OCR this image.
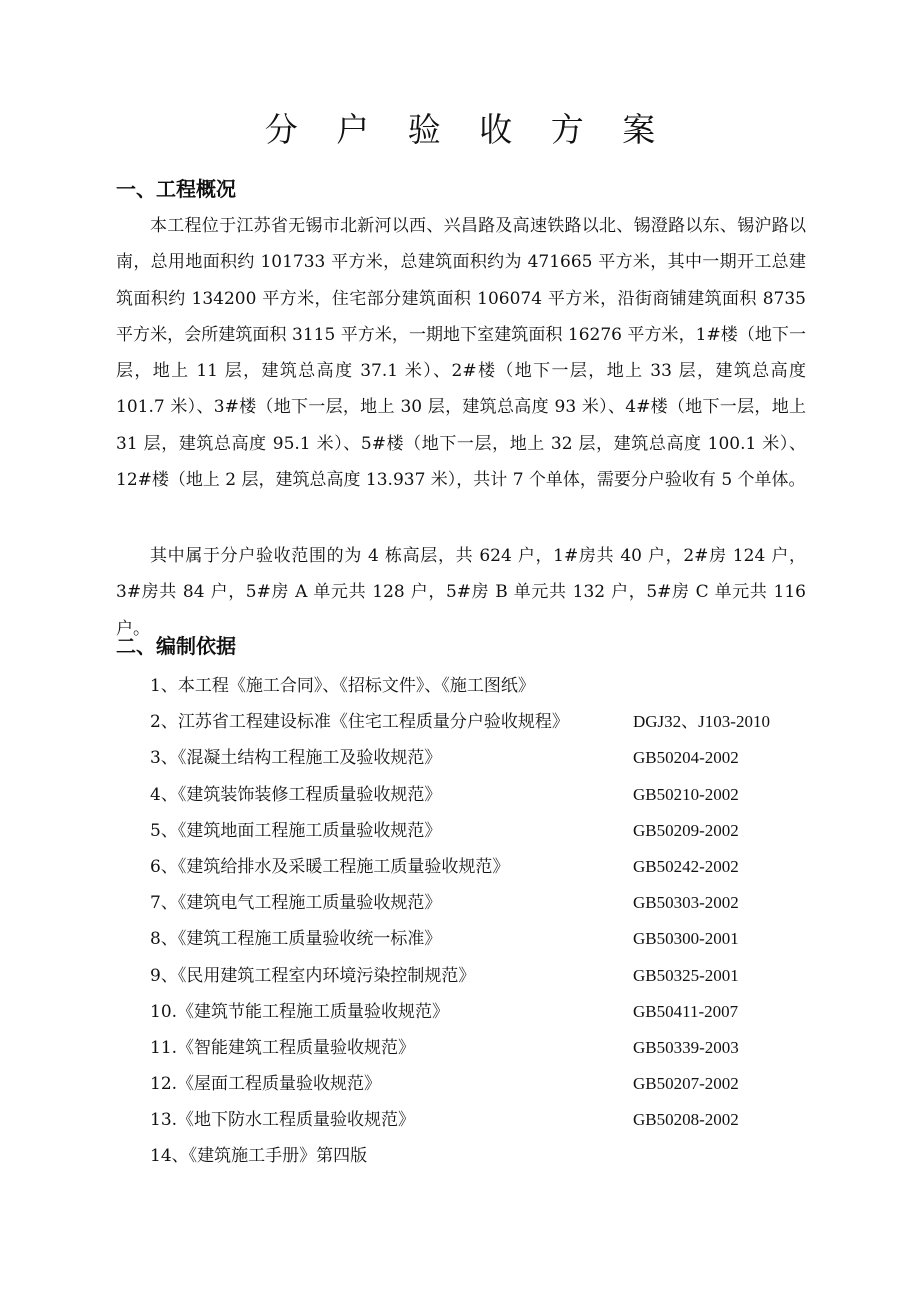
分 户 验 收 方 案
一、工程概况

本工程位于江苏省无锡市北新河以西、兴昌路及高速铁路以北、锡澄路以东、锡沪路以南，总用地面积约 101733 平方米，总建筑面积约为 471665 平方米，其中一期开工总建筑面积约 134200 平方米，住宅部分建筑面积 106074 平方米，沿街商铺建筑面积 8735 平方米，会所建筑面积 3115 平方米，一期地下室建筑面积 16276 平方米，1#楼（地下一层，地上 11 层，建筑总高度 37.1 米）、2#楼（地下一层，地上 33 层，建筑总高度 101.7 米）、3#楼（地下一层，地上 30 层，建筑总高度 93 米）、4#楼（地下一层，地上 31 层，建筑总高度 95.1 米）、5#楼（地下一层，地上 32 层，建筑总高度 100.1 米）、12#楼（地上 2 层，建筑总高度 13.937 米），共计 7 个单体，需要分户验收有 5 个单体。

其中属于分户验收范围的为 4 栋高层，共 624 户，1#房共 40 户，2#房 124 户，3#房共 84 户，5#房 A 单元共 128 户，5#房 B 单元共 132 户，5#房 C 单元共 116 户。

二、编制依据
1、本工程《施工合同》、《招标文件》、《施工图纸》
2、江苏省工程建设标准《住宅工程质量分户验收规程》	DGJ32、J103-2010
3、《混凝土结构工程施工及验收规范》	GB50204-2002
4、《建筑装饰装修工程质量验收规范》	GB50210-2002
5、《建筑地面工程施工质量验收规范》	GB50209-2002
6、《建筑给排水及采暖工程施工质量验收规范》	GB50242-2002
7、《建筑电气工程施工质量验收规范》	GB50303-2002
8、《建筑工程施工质量验收统一标准》	GB50300-2001
9、《民用建筑工程室内环境污染控制规范》	GB50325-2001
10.《建筑节能工程施工质量验收规范》	GB50411-2007
11.《智能建筑工程质量验收规范》	GB50339-2003
12.《屋面工程质量验收规范》	GB50207-2002
13.《地下防水工程质量验收规范》	GB50208-2002
14、《建筑施工手册》第四版
